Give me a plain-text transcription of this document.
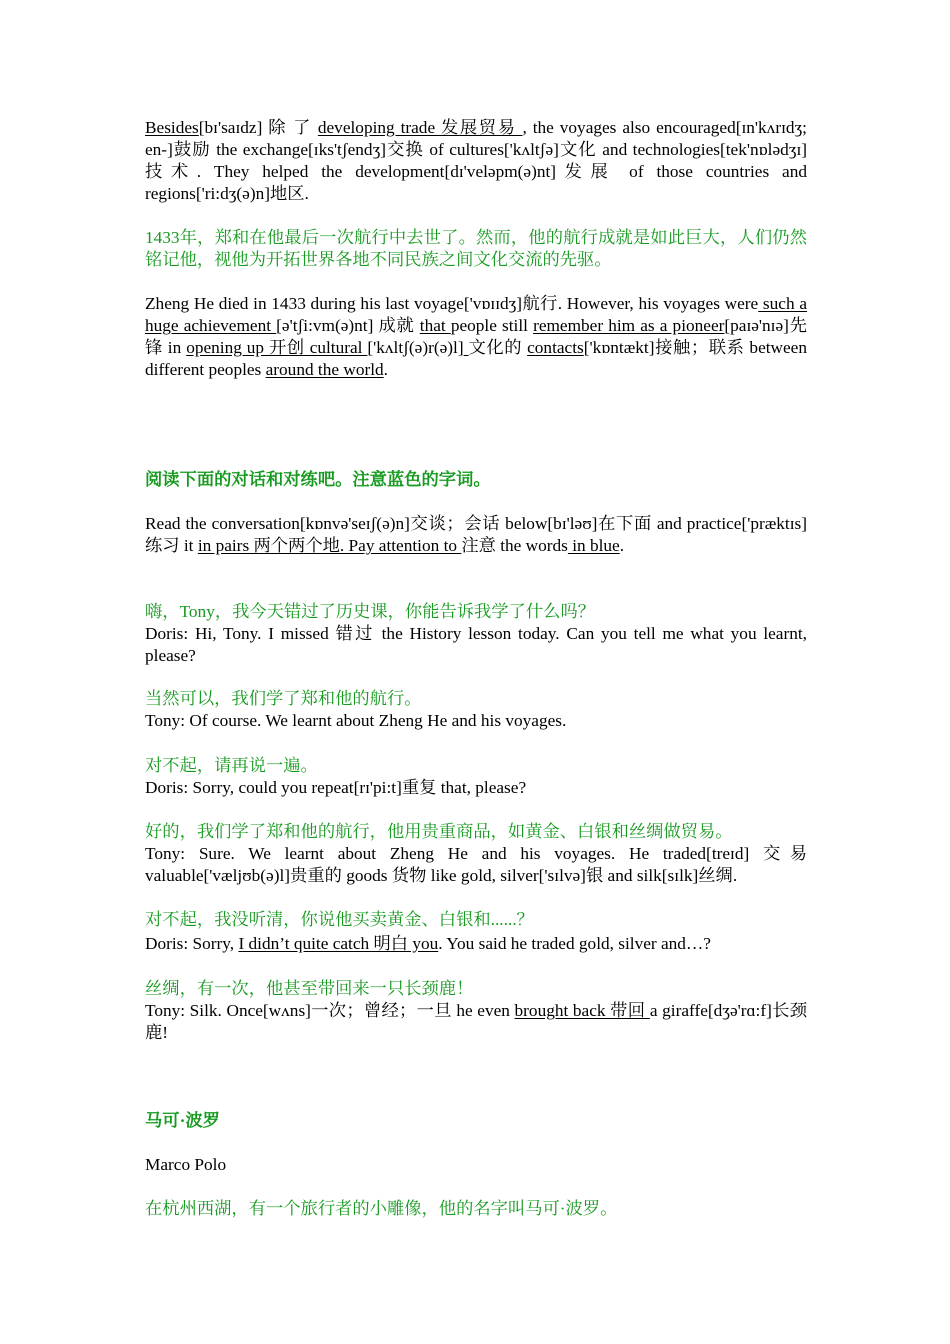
Besides[bɪ'saɪdz] 除 了 developing trade 发展贸易 , the voyages also encouraged[ɪn'kʌrɪdʒ; en-]鼓励 the exchange[ɪks'tʃendʒ]交换 of cultures['kʌltʃə]文化 and technologies[tek'nɒlədʒɪ]技术. They helped the development[dɪ'veləpm(ə)nt]发展 of those countries and regions['ri:dʒ(ə)n]地区.

1433年，郑和在他最后一次航行中去世了。然而，他的航行成就是如此巨大，人们仍然铭记他，视他为开拓世界各地不同民族之间文化交流的先驱。

Zheng He died in 1433 during his last voyage['vɒɪɪdʒ]航行. However, his voyages were such a huge achievement [ə'tʃi:vm(ə)nt] 成就 that people still remember him as a pioneer[paɪə'nɪə]先锋 in opening up 开创 cultural ['kʌltʃ(ə)r(ə)l] 文化的 contacts['kɒntækt]接触；联系 between different peoples around the world.

阅读下面的对话和对练吧。注意蓝色的字词。

Read the conversation[kɒnvə'seɪʃ(ə)n]交谈；会话 below[bɪ'ləʊ]在下面 and practice['præktɪs]练习 it in pairs 两个两个地. Pay attention to 注意 the words in blue.

嗨，Tony，我今天错过了历史课，你能告诉我学了什么吗？

Doris: Hi, Tony. I missed 错过 the History lesson today. Can you tell me what you learnt, please?

当然可以，我们学了郑和他的航行。

Tony: Of course. We learnt about Zheng He and his voyages.

对不起，请再说一遍。

Doris: Sorry, could you repeat[rɪ'pi:t]重复 that, please?

好的，我们学了郑和他的航行，他用贵重商品，如黄金、白银和丝绸做贸易。

Tony: Sure. We learnt about Zheng He and his voyages. He traded[treɪd] 交易 valuable['væljʊb(ə)l]贵重的 goods 货物 like gold, silver['sɪlvə]银 and silk[sɪlk]丝绸.

对不起，我没听清，你说他买卖黄金、白银和......？

Doris: Sorry, I didn’t quite catch 明白 you. You said he traded gold, silver and…?

丝绸，有一次，他甚至带回来一只长颈鹿！

Tony: Silk. Once[wʌns]一次；曾经；一旦 he even brought back 带回 a giraffe[dʒə'rɑ:f]长颈鹿!

马可·波罗

Marco Polo

在杭州西湖，有一个旅行者的小雕像，他的名字叫马可·波罗。
